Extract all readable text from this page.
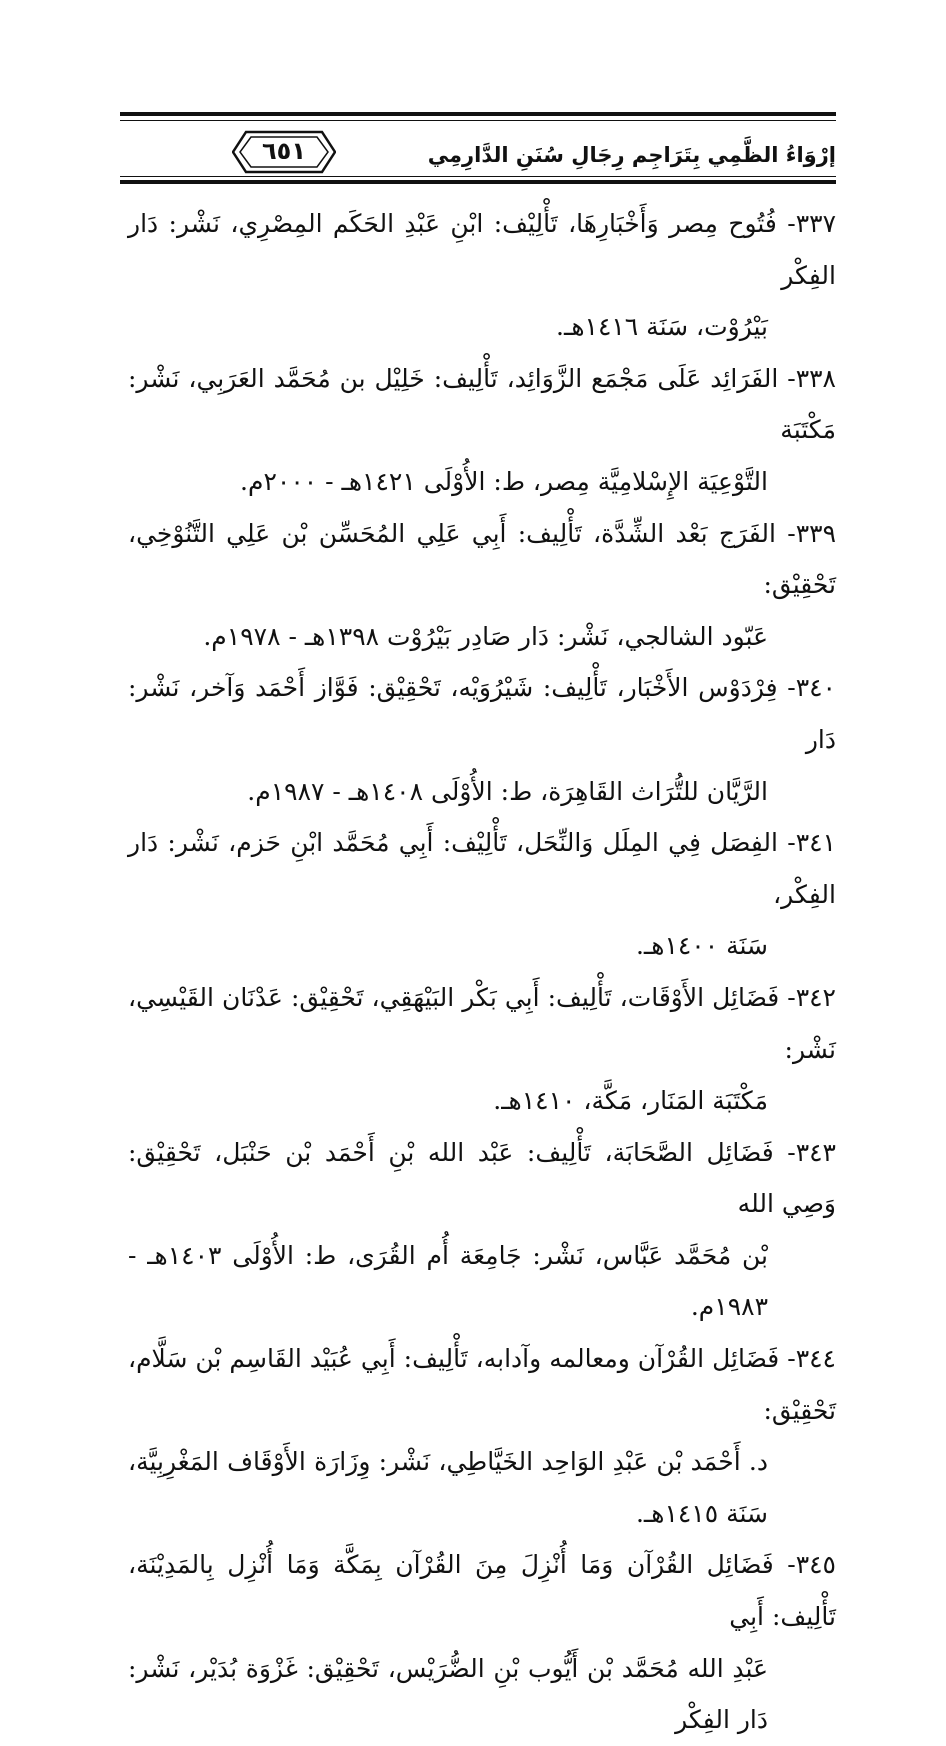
إرْوَاءُ الظَّمِي بِتَرَاجِم رِجَالِ سُنَنِ الدَّارِمِي
٦٥١

٣٣٧- فُتُوح مِصر وَأَخْبَارِهَا، تَأْلِيْف: ابْنِ عَبْدِ الحَكَم المِصْرِي، نَشْر: دَار الفِكْر
بَيْرُوْت، سَنَة ١٤١٦هـ.

٣٣٨- الفَرَائِد عَلَى مَجْمَع الزَّوَائِد، تَأْلِيف: خَلِيْل بن مُحَمَّد العَرَبِي، نَشْر: مَكْتَبَة
التَّوْعِيَة الإِسْلامِيَّة مِصر، ط: الأُوْلَى ١٤٢١هـ - ٢٠٠٠م.

٣٣٩- الفَرَج بَعْد الشِّدَّة، تَأْلِيف: أَبِي عَلِي المُحَسِّن بْن عَلِي التَّنُوْخِي، تَحْقِيْق:
عَبّود الشالجي، نَشْر: دَار صَادِر بَيْرُوْت ١٣٩٨هـ - ١٩٧٨م.

٣٤٠- فِرْدَوْس الأَخْبَار، تَأْلِيف: شَيْرُوَيْه، تَحْقِيْق: فَوَّاز أَحْمَد وَآخر، نَشْر: دَار
الرَّيَّان للتُّرَاث القَاهِرَة، ط: الأُوْلَى ١٤٠٨هـ - ١٩٨٧م.

٣٤١- الفِصَل فِي المِلَل وَالنِّحَل، تَأْلِيْف: أَبِي مُحَمَّد ابْنِ حَزم، نَشْر: دَار الفِكْر،
سَنَة ١٤٠٠هـ.

٣٤٢- فَضَائِل الأَوْقَات، تَأْلِيف: أَبِي بَكْر البَيْهَقِي، تَحْقِيْق: عَدْنَان القَيْسِي، نَشْر:
مَكْتَبَة المَنَار، مَكَّة، ١٤١٠هـ.

٣٤٣- فَضَائِل الصَّحَابَة، تَأْلِيف: عَبْد الله بْنِ أَحْمَد بْن حَنْبَل، تَحْقِيْق: وَصِي الله
بْن مُحَمَّد عَبَّاس، نَشْر: جَامِعَة أُم القُرَى، ط: الأُوْلَى ١٤٠٣هـ - ١٩٨٣م.

٣٤٤- فَضَائِل القُرْآن ومعالمه وآدابه، تَأْلِيف: أَبِي عُبَيْد القَاسِم بْن سَلَّام، تَحْقِيْق:
د. أَحْمَد بْن عَبْدِ الوَاحِد الخَيَّاطِي، نَشْر: وِزَارَة الأَوْقَاف المَغْرِبِيَّة، سَنَة ١٤١٥هـ.

٣٤٥- فَضَائِل القُرْآن وَمَا أُنْزِلَ مِنَ القُرْآن بِمَكَّة وَمَا أُنْزِل بِالمَدِيْنَة، تَأْلِيف: أَبِي
عَبْدِ الله مُحَمَّد بْن أَيُّوب بْنِ الضُّرَيْس، تَحْقِيْق: غَزْوَة بُدَيْر، نَشْر: دَار الفِكْر
